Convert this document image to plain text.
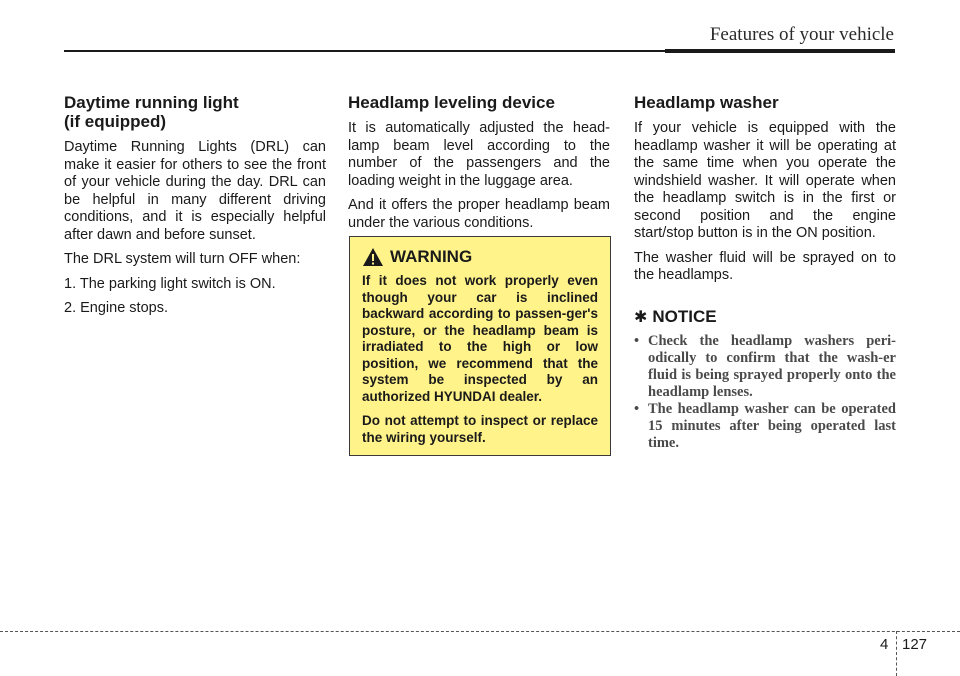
Features of your vehicle
Daytime running light
(if equipped)

Daytime Running Lights (DRL) can make it easier for others to see the front of your vehicle during the day. DRL can be helpful in many different driving conditions, and it is especially helpful after dawn and before sunset.

The DRL system will turn OFF when:

1. The parking light switch is ON.
2. Engine stops.
Headlamp leveling device

It is automatically adjusted the head-lamp beam level according to the number of the passengers and the loading weight in the luggage area.

And it offers the proper headlamp beam under the various conditions.

WARNING

If it does not work properly even though your car is inclined backward according to passen-ger's posture, or the headlamp beam is irradiated to the high or low position, we recommend that the system be inspected by an authorized HYUNDAI dealer.

Do not attempt to inspect or replace the wiring yourself.

Headlamp washer

If your vehicle is equipped with the headlamp washer it will be operating at the same time when you operate the windshield washer. It will operate when the headlamp switch is in the first or second position and the engine start/stop button is in the ON position.

The washer fluid will be sprayed on to the headlamps.

✱ NOTICE
• Check the headlamp washers peri-odically to confirm that the wash-er fluid is being sprayed properly onto the headlamp lenses.
• The headlamp washer can be operated 15 minutes after being operated last time.
4 127
